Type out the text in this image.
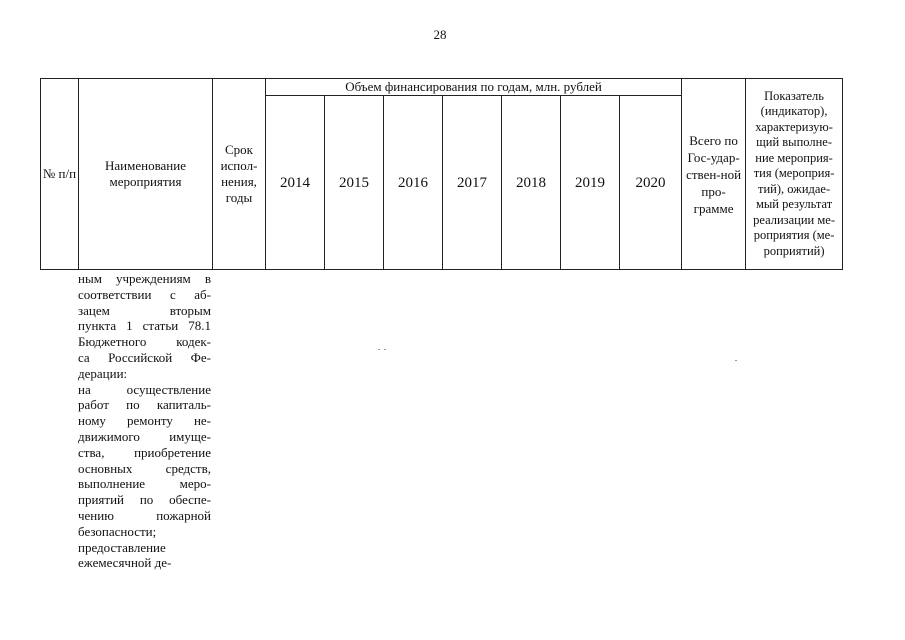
28
№ п/п	Наименование мероприятия	Срок испол-нения, годы	Объем финансирования по годам, млн. рублей							Всего по Гос-удар-ствен-ной про-грамме	Показатель (индикатор), характеризую-щий выполне-ние мероприя-тия (мероприя-тий), ожидае-мый результат реализации ме-роприятия (ме-роприятий)
			2014	2015	2016	2017	2018	2019	2020		
ным учреждениям в
соответствии с аб-
зацем	вторым
пункта 1 статьи 78.1
Бюджетного кодек-
са Российской Фе-
дерации:
на	осуществление
работ по капиталь-
ному ремонту не-
движимого имуще-
ства, приобретение
основных	средств,
выполнение	меро-
приятий по обеспе-
чению	пожарной
безопасности;
предоставление
ежемесячной де-
